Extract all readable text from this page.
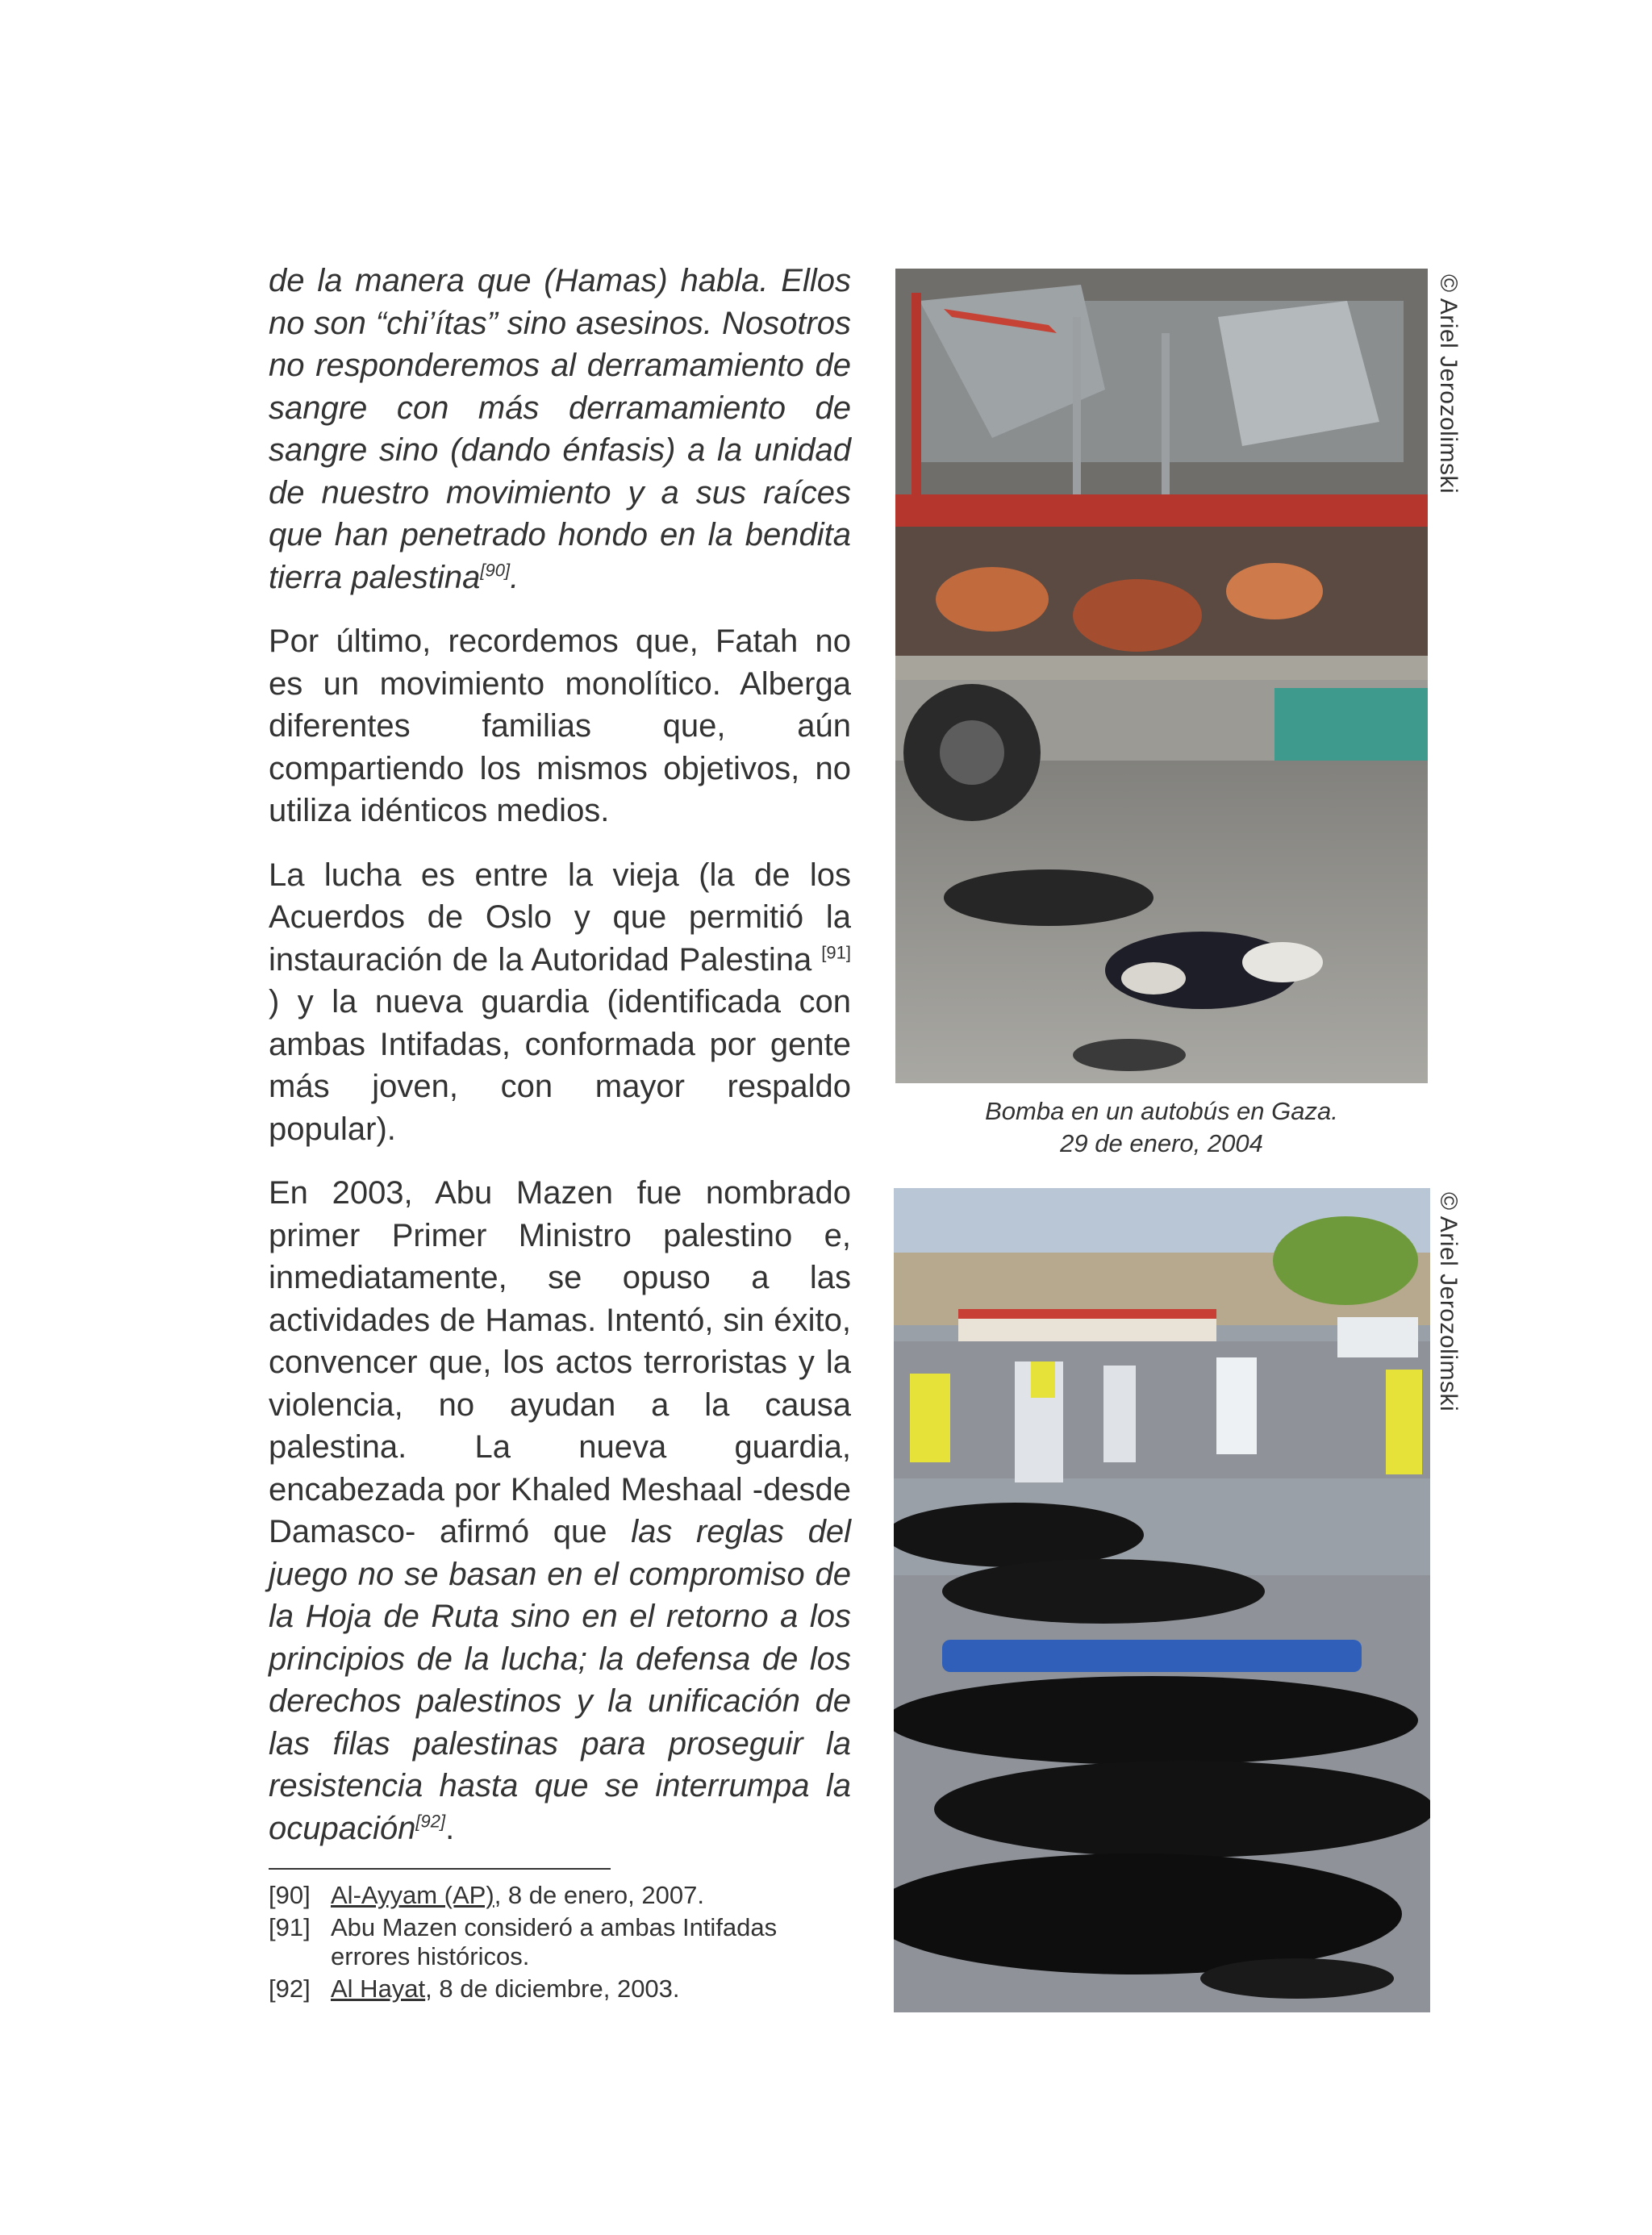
de la manera que (Hamas) habla. Ellos no son “chi’ítas” sino asesinos. Nosotros no responderemos al derramamiento de sangre con más derramamiento de sangre sino (dando énfasis) a la unidad de nuestro movimiento y a sus raíces que han penetrado hondo en la bendita tierra palestina[90].

Por último, recordemos que, Fatah no es un movimiento monolítico. Alberga diferentes familias que, aún compartiendo los mismos objetivos, no utiliza idénticos medios.

La lucha es entre la vieja (la de los Acuerdos de Oslo y que permitió la instauración de la Autoridad Palestina [91] ) y la nueva guardia (identificada con ambas Intifadas, conformada por gente más joven, con mayor respaldo popular).

En 2003, Abu Mazen fue nombrado primer Primer Ministro palestino e, inmediatamente, se opuso a las actividades de Hamas. Intentó, sin éxito, convencer que, los actos terroristas y la violencia, no ayudan a la causa palestina. La nueva guardia, encabezada por Khaled Meshaal -desde Damasco- afirmó que las reglas del juego no se basan en el compromiso de la Hoja de Ruta sino en el retorno a los principios de la lucha; la defensa de los derechos palestinos y la unificación de las filas palestinas para proseguir la resistencia hasta que se interrumpa la ocupación[92].

[90] Al-Ayyam (AP), 8 de enero, 2007.
[91] Abu Mazen consideró a ambas Intifadas errores históricos.
[92] Al Hayat, 8 de diciembre, 2003.
© Ariel Jerozolimski
Bomba en un autobús en Gaza.
29 de enero, 2004
© Ariel Jerozolimski
